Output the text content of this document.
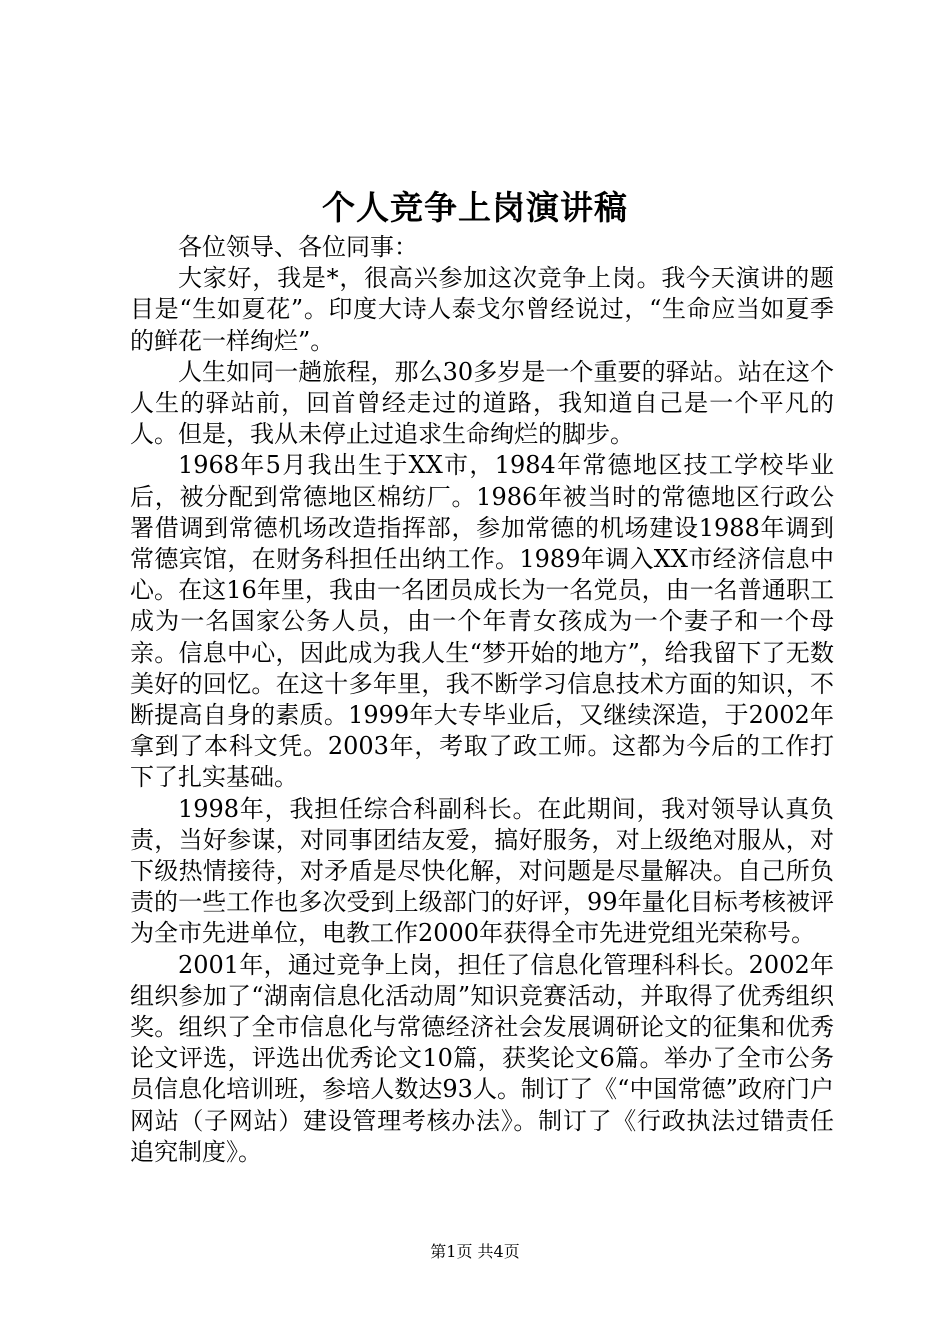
个人竞争上岗演讲稿

各位领导、各位同事：

大家好，我是*，很高兴参加这次竞争上岗。我今天演讲的题目是“生如夏花”。印度大诗人泰戈尔曾经说过，“生命应当如夏季的鲜花一样绚烂”。

人生如同一趟旅程，那么30多岁是一个重要的驿站。站在这个人生的驿站前，回首曾经走过的道路，我知道自己是一个平凡的人。但是，我从未停止过追求生命绚烂的脚步。

1968年5月我出生于XX市，1984年常德地区技工学校毕业后，被分配到常德地区棉纺厂。1986年被当时的常德地区行政公署借调到常德机场改造指挥部，参加常德的机场建设1988年调到常德宾馆，在财务科担任出纳工作。1989年调入XX市经济信息中心。在这16年里，我由一名团员成长为一名党员，由一名普通职工成为一名国家公务人员，由一个年青女孩成为一个妻子和一个母亲。信息中心，因此成为我人生“梦开始的地方”，给我留下了无数美好的回忆。在这十多年里，我不断学习信息技术方面的知识，不断提高自身的素质。1999年大专毕业后，又继续深造，于2002年拿到了本科文凭。2003年，考取了政工师。这都为今后的工作打下了扎实基础。

1998年，我担任综合科副科长。在此期间，我对领导认真负责，当好参谋，对同事团结友爱，搞好服务，对上级绝对服从，对下级热情接待，对矛盾是尽快化解，对问题是尽量解决。自己所负责的一些工作也多次受到上级部门的好评，99年量化目标考核被评为全市先进单位，电教工作2000年获得全市先进党组光荣称号。

2001年，通过竞争上岗，担任了信息化管理科科长。2002年组织参加了“湖南信息化活动周”知识竞赛活动，并取得了优秀组织奖。组织了全市信息化与常德经济社会发展调研论文的征集和优秀论文评选，评选出优秀论文10篇，获奖论文6篇。举办了全市公务员信息化培训班，参培人数达93人。制订了《“中国常德”政府门户网站（子网站）建设管理考核办法》。制订了《行政执法过错责任追究制度》。

第1页 共4页
